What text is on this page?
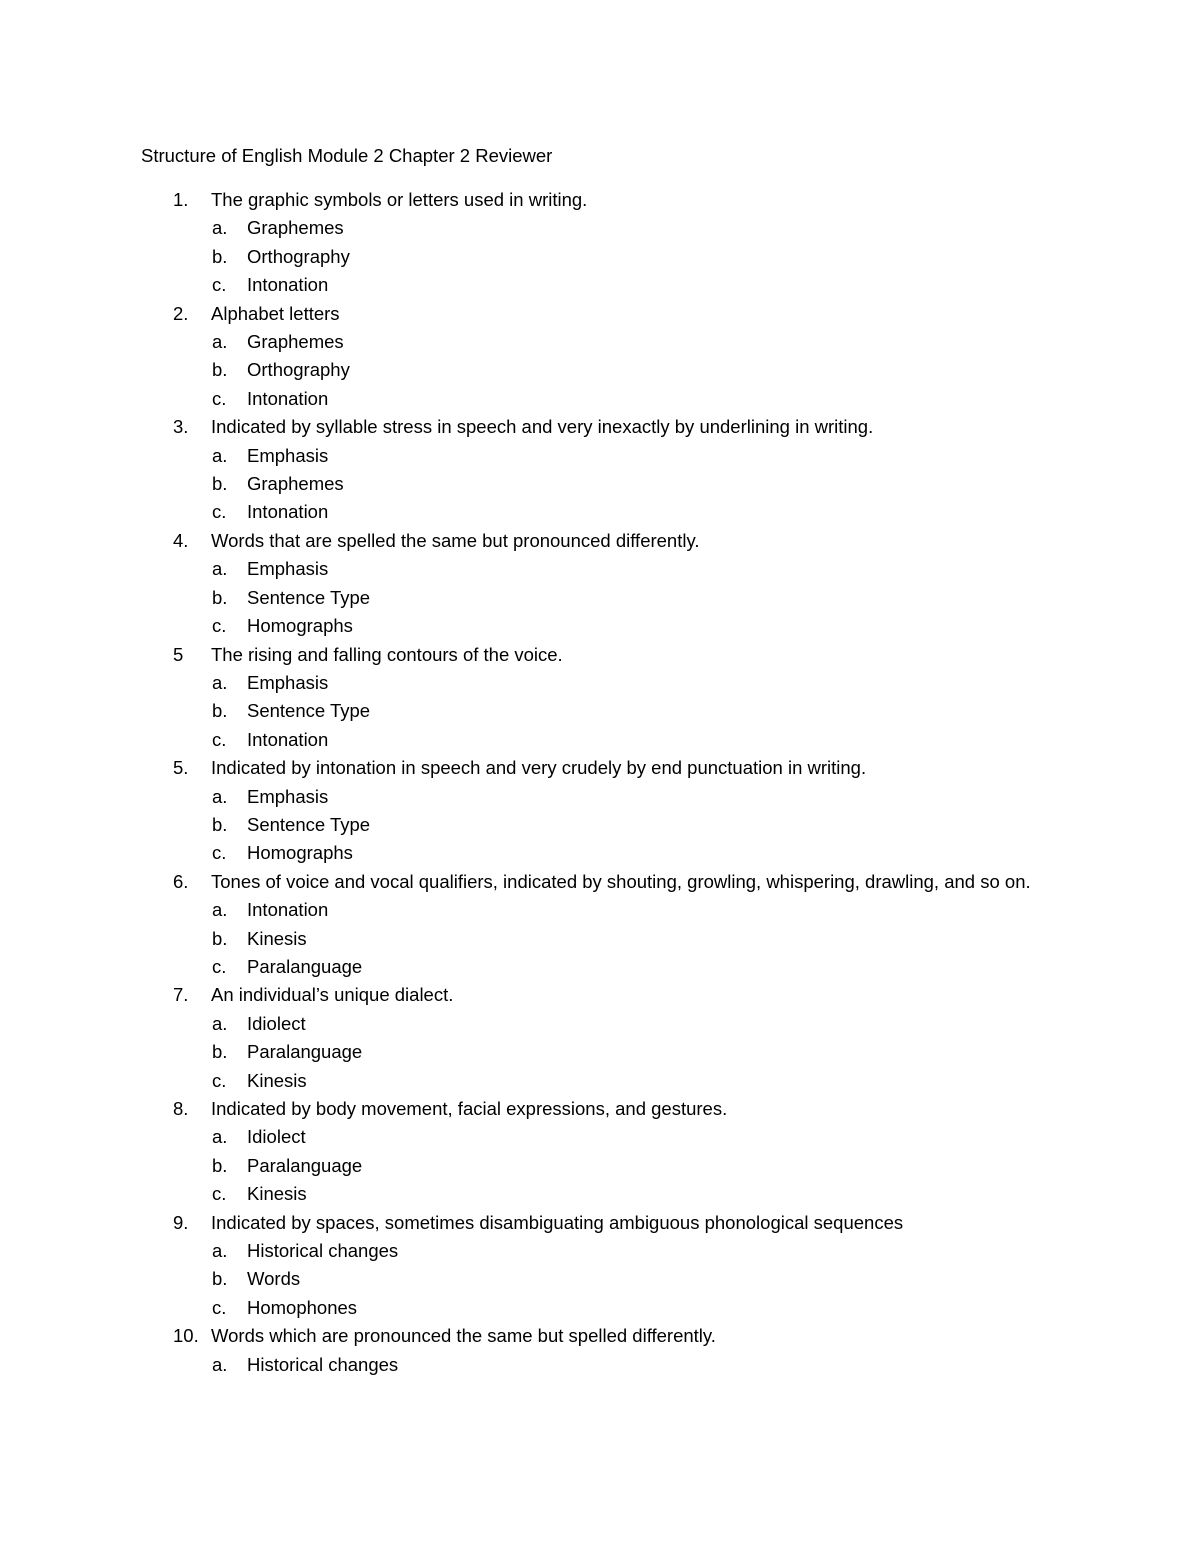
Structure of English Module 2 Chapter 2 Reviewer
1. The graphic symbols or letters used in writing.
a. Graphemes
b. Orthography
c. Intonation
2. Alphabet letters
a. Graphemes
b. Orthography
c. Intonation
3. Indicated by syllable stress in speech and very inexactly by underlining in writing.
a. Emphasis
b. Graphemes
c. Intonation
4. Words that are spelled the same but pronounced differently.
a. Emphasis
b. Sentence Type
c. Homographs
5 The rising and falling contours of the voice.
a. Emphasis
b. Sentence Type
c. Intonation
5. Indicated by intonation in speech and very crudely by end punctuation in writing.
a. Emphasis
b. Sentence Type
c. Homographs
6. Tones of voice and vocal qualifiers, indicated by shouting, growling, whispering, drawling, and so on.
a. Intonation
b. Kinesis
c. Paralanguage
7. An individual’s unique dialect.
a. Idiolect
b. Paralanguage
c. Kinesis
8. Indicated by body movement, facial expressions, and gestures.
a. Idiolect
b. Paralanguage
c. Kinesis
9. Indicated by spaces, sometimes disambiguating ambiguous phonological sequences
a. Historical changes
b. Words
c. Homophones
10. Words which are pronounced the same but spelled differently.
a. Historical changes
